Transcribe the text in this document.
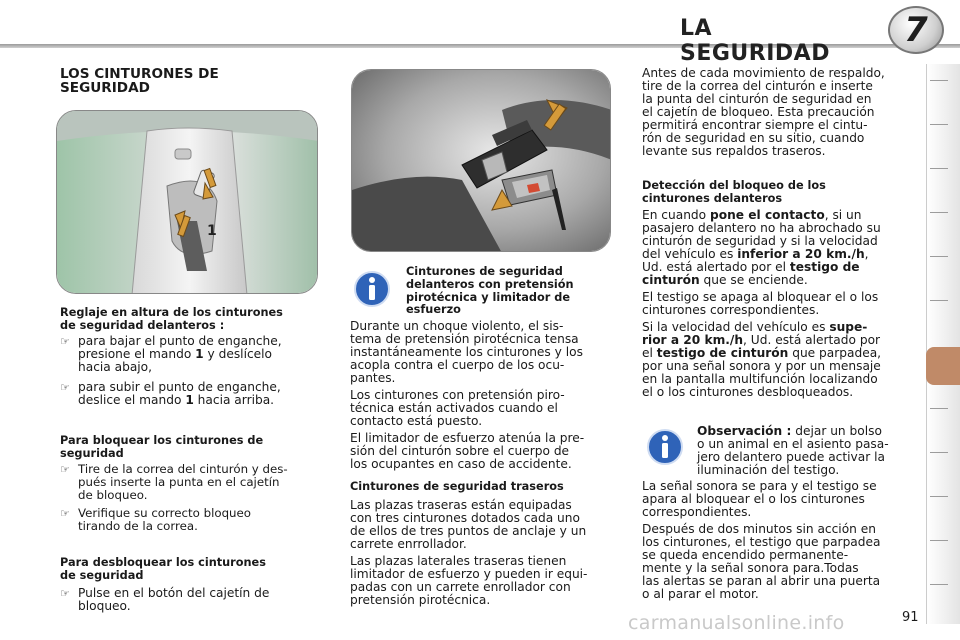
LA SEGURIDAD
7
LOS CINTURONES DE
SEGURIDAD
1
Reglaje en altura de los cinturones
de seguridad delanteros :
☞ para bajar el punto de enganche,
presione el mando 1 y deslícelo
hacia abajo,
☞ para subir el punto de enganche,
deslice el mando 1 hacia arriba.
Para bloquear los cinturones de
seguridad
☞ Tire de la correa del cinturón y des-
pués inserte la punta en el cajetín
de bloqueo.
☞ Verifique su correcto bloqueo
tirando de la correa.
Para desbloquear los cinturones
de seguridad
☞ Pulse en el botón del cajetín de
bloqueo.
Cinturones de seguridad
delanteros con pretensión
pirotécnica y limitador de
esfuerzo

Durante un choque violento, el sis-
tema de pretensión pirotécnica tensa
instantáneamente los cinturones y los
acopla contra el cuerpo de los ocu-
pantes.

Los cinturones con pretensión piro-
técnica están activados cuando el
contacto está puesto.

El limitador de esfuerzo atenúa la pre-
sión del cinturón sobre el cuerpo de
los ocupantes en caso de accidente.

Cinturones de seguridad traseros

Las plazas traseras están equipadas
con tres cinturones dotados cada uno
de ellos de tres puntos de anclaje y un
carrete enrrollador.

Las plazas laterales traseras tienen
limitador de esfuerzo y pueden ir equi-
padas con un carrete enrollador con
pretensión pirotécnica.

Antes de cada movimiento de respaldo,
tire de la correa del cinturón e inserte
la punta del cinturón de seguridad en
el cajetín de bloqueo. Esta precaución
permitirá encontrar siempre el cintu-
rón de seguridad en su sitio, cuando
levante sus repaldos traseros.

Detección del bloqueo de los
cinturones delanteros

En cuando pone el contacto, si un
pasajero delantero no ha abrochado su
cinturón de seguridad y si la velocidad
del vehículo es inferior a 20 km./h,
Ud. está alertado por el testigo de
cinturón que se enciende.

El testigo se apaga al bloquear el o los
cinturones correspondientes.

Si la velocidad del vehículo es supe-
rior a 20 km./h, Ud. está alertado por
el testigo de cinturón que parpadea,
por una señal sonora y por un mensaje
en la pantalla multifunción localizando
el o los cinturones desbloqueados.

Observación : dejar un bolso
o un animal en el asiento pasa-
jero delantero puede activar la
iluminación del testigo.

La señal sonora se para y el testigo se
apara al bloquear el o los cinturones
correspondientes.

Después de dos minutos sin acción en
los cinturones, el testigo que parpadea
se queda encendido permanente-
mente y la señal sonora para.Todas
las alertas se paran al abrir una puerta
o al parar el motor.

carmanualsonline.info	91
